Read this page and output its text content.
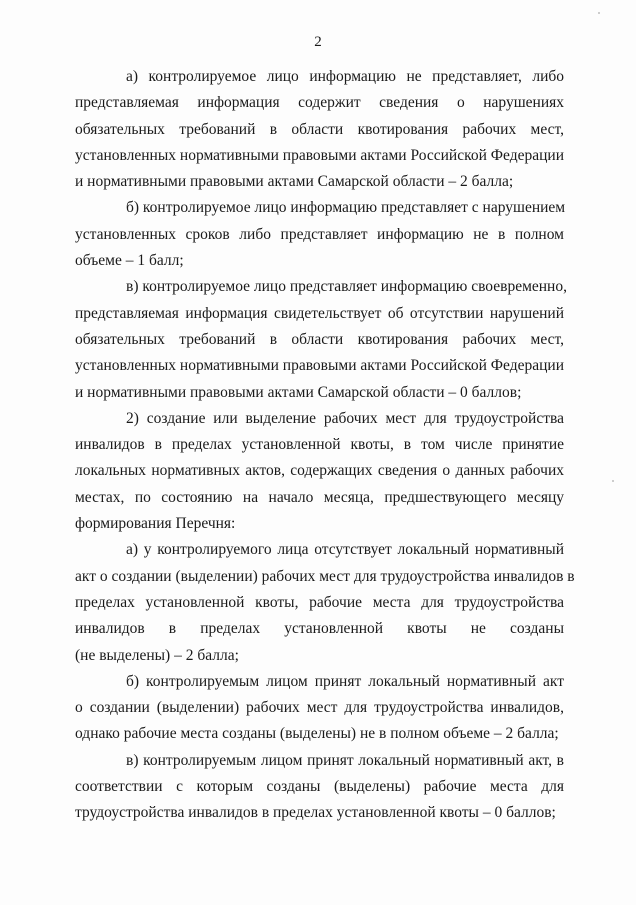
2
а) контролируемое лицо информацию не представляет, либо
представляемая информация содержит сведения о нарушениях
обязательных требований в области квотирования рабочих мест,
установленных нормативными правовыми актами Российской Федерации
и нормативными правовыми актами Самарской области – 2 балла;
б) контролируемое лицо информацию представляет с нарушением
установленных сроков либо представляет информацию не в полном
объеме – 1 балл;
в) контролируемое лицо представляет информацию своевременно,
представляемая информация свидетельствует об отсутствии нарушений
обязательных требований в области квотирования рабочих мест,
установленных нормативными правовыми актами Российской Федерации
и нормативными правовыми актами Самарской области – 0 баллов;
2) создание или выделение рабочих мест для трудоустройства
инвалидов в пределах установленной квоты, в том числе принятие
локальных нормативных актов, содержащих сведения о данных рабочих
местах, по состоянию на начало месяца, предшествующего месяцу
формирования Перечня:
а) у контролируемого лица отсутствует локальный нормативный
акт о создании (выделении) рабочих мест для трудоустройства инвалидов в
пределах установленной квоты, рабочие места для трудоустройства
инвалидов в пределах установленной квоты не созданы
(не выделены) – 2 балла;
б) контролируемым лицом принят локальный нормативный акт
о создании (выделении) рабочих мест для трудоустройства инвалидов,
однако рабочие места созданы (выделены) не в полном объеме – 2 балла;
в) контролируемым лицом принят локальный нормативный акт, в
соответствии с которым созданы (выделены) рабочие места для
трудоустройства инвалидов в пределах установленной квоты – 0 баллов;
